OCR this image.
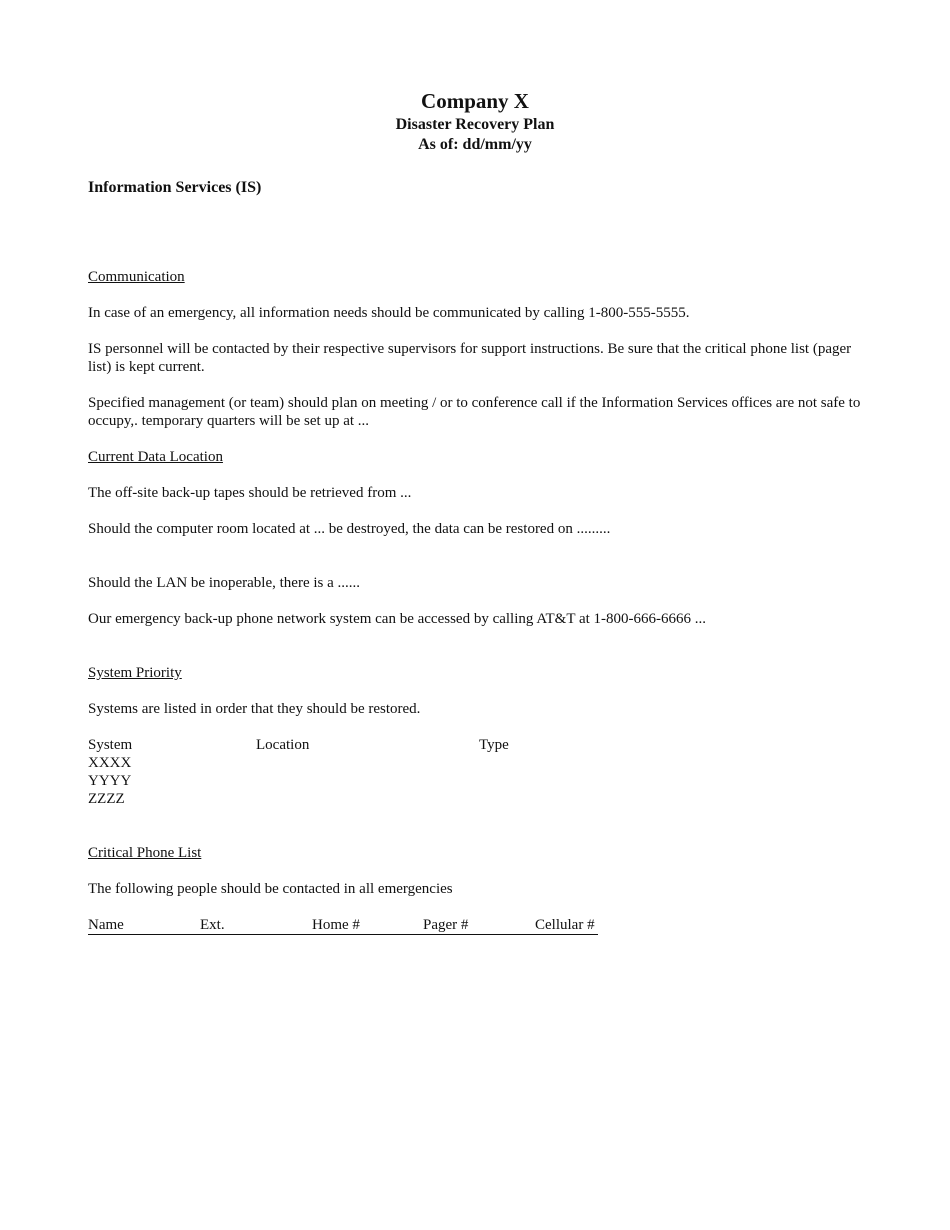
Company X
Disaster Recovery Plan
As of: dd/mm/yy

Information Services (IS)

Communication

In case of an emergency, all information needs should be communicated by calling 1-800-555-5555.

IS personnel will be contacted by their respective supervisors for support instructions. Be sure that the critical phone list (pager list) is kept current.

Specified management (or team) should plan on meeting / or to conference call if the Information Services offices are not safe to occupy,. temporary quarters will be set up at ...

Current Data Location

The off-site back-up tapes should be retrieved from ...

Should the computer room located at ... be destroyed, the data can be restored on .........

Should the LAN be inoperable, there is a ......

Our emergency back-up phone network system can be accessed by calling AT&T at 1-800-666-6666 ...

System Priority

Systems are listed in order that they should be restored.

System	Location	Type
XXXX
YYYY
ZZZZ

Critical Phone List

The following people should be contacted in all emergencies

Name	Ext.	Home #	Pager #	Cellular #
